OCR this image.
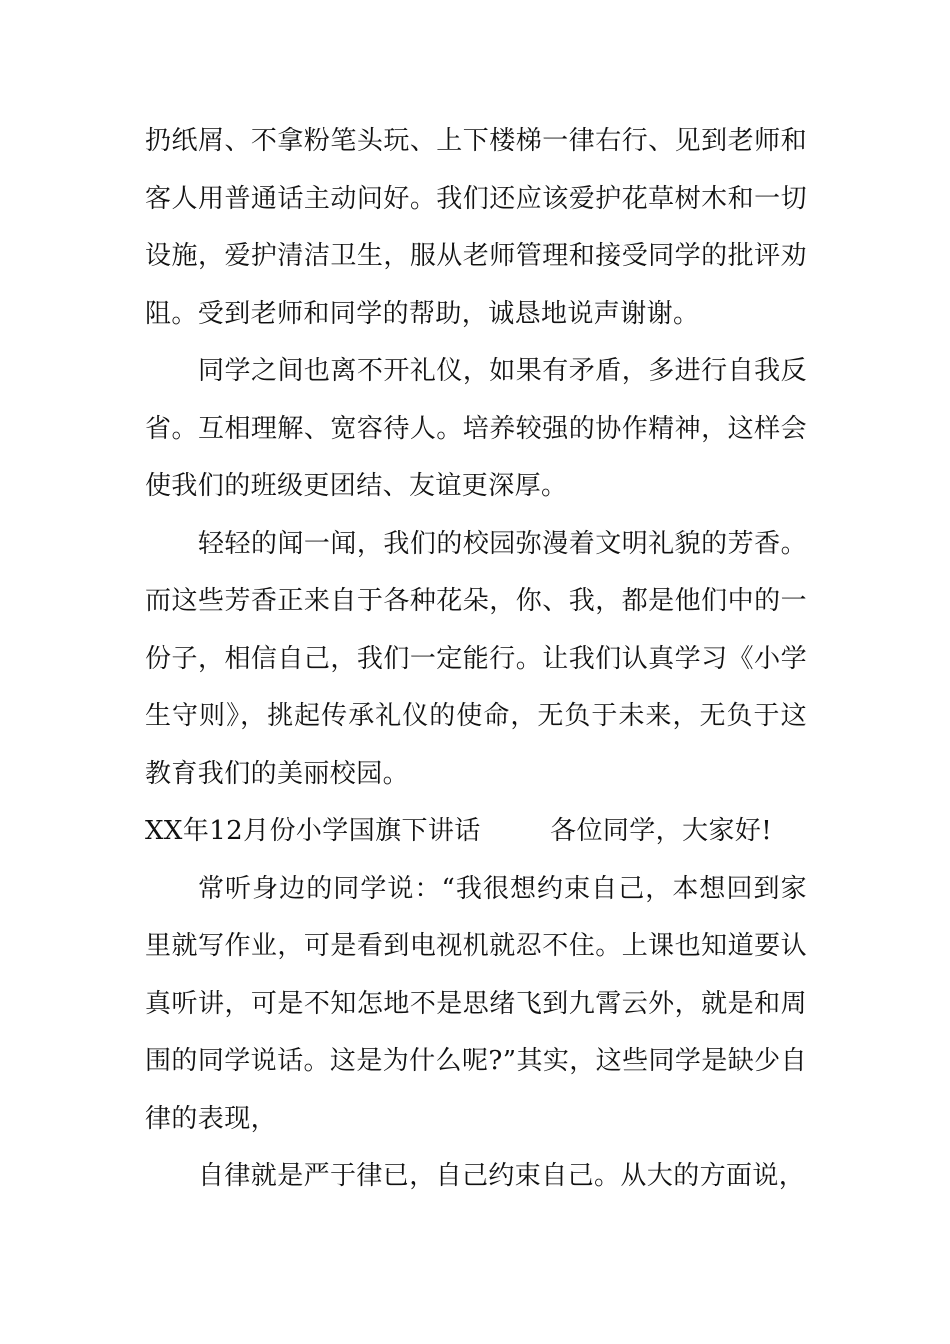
扔纸屑、不拿粉笔头玩、上下楼梯一律右行、见到老师和客人用普通话主动问好。我们还应该爱护花草树木和一切设施，爱护清洁卫生，服从老师管理和接受同学的批评劝阻。受到老师和同学的帮助，诚恳地说声谢谢。

同学之间也离不开礼仪，如果有矛盾，多进行自我反省。互相理解、宽容待人。培养较强的协作精神，这样会使我们的班级更团结、友谊更深厚。

轻轻的闻一闻，我们的校园弥漫着文明礼貌的芳香。而这些芳香正来自于各种花朵，你、我，都是他们中的一份子，相信自己，我们一定能行。让我们认真学习《小学生守则》，挑起传承礼仪的使命，无负于未来，无负于这教育我们的美丽校园。

XX年12月份小学国旗下讲话	各位同学，大家好!

常听身边的同学说：“我很想约束自己，本想回到家里就写作业，可是看到电视机就忍不住。上课也知道要认真听讲，可是不知怎地不是思绪飞到九霄云外，就是和周围的同学说话。这是为什么呢?”其实，这些同学是缺少自律的表现，

自律就是严于律已，自己约束自己。从大的方面说，
